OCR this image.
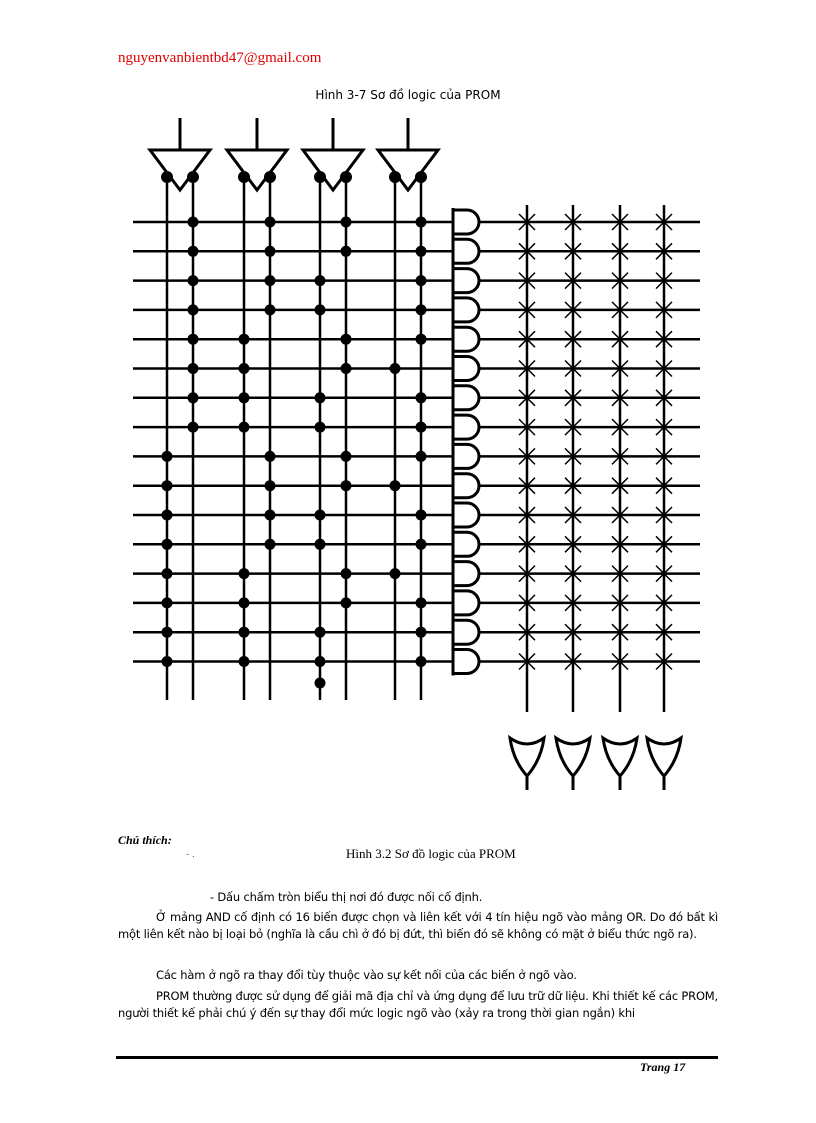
nguyenvanbientbd47@gmail.com
Hình 3-7 Sơ đồ logic của PROM
Chú thích:
- .	Hình 3.2 Sơ đồ logic của PROM
- Dấu chấm tròn biểu thị nơi đó được nối cố định.
Ở mảng AND cố định có 16 biến được chọn và liên kết với 4 tín hiệu ngõ vào mảng OR. Do đó bất kì một liên kết nào bị loại bỏ (nghĩa là cầu chì ở đó bị đứt, thì biến đó sẽ không có mặt ở biểu thức ngõ ra).
Các hàm ở ngõ ra thay đổi tùy thuộc vào sự kết nối của các biến ở ngõ vào.
PROM thường được sử dụng để giải mã địa chỉ và ứng dụng để lưu trữ dữ liệu. Khi thiết kế các PROM, người thiết kế phải chú ý đến sự thay đổi mức logic ngõ vào (xảy ra trong thời gian ngắn) khi
Trang 17
